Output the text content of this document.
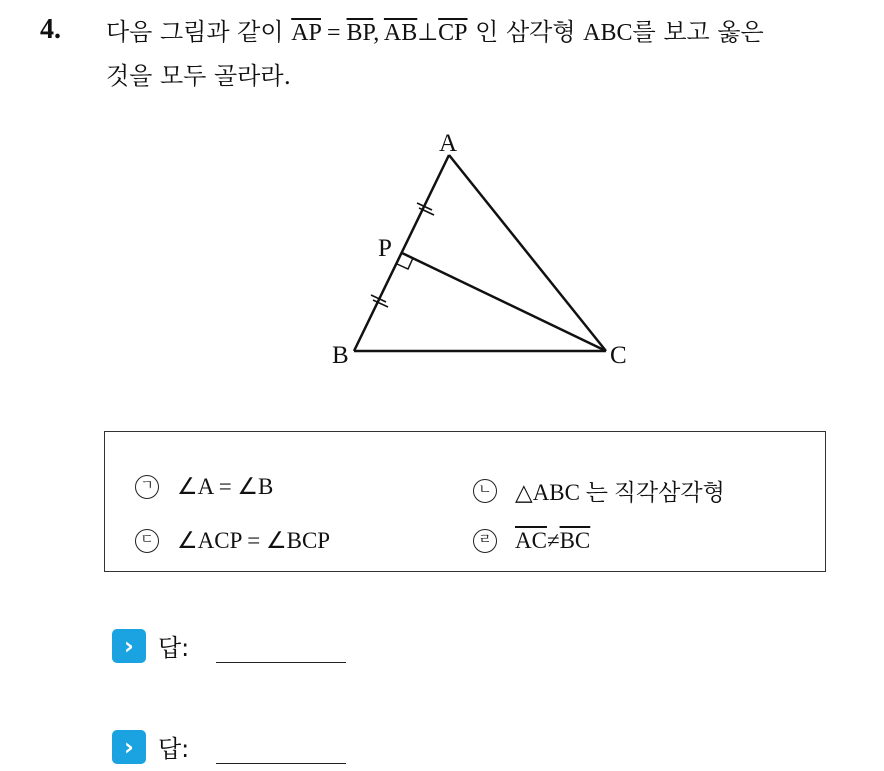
4. 다음 그림과 같이 $\overline{AP} = \overline{BP}$, $\overline{AB}\perp\overline{CP}$ 인 삼각형 ABC를 보고 옳은
것을 모두 골라라.
A
B	C
P
ㄱ ∠A = ∠B	ㄴ △ABC 는 직각삼각형
ㄷ ∠ACP = ∠BCP	ㄹ $\overline{AC} \ne \overline{BC}$
›	답:
›	답:
